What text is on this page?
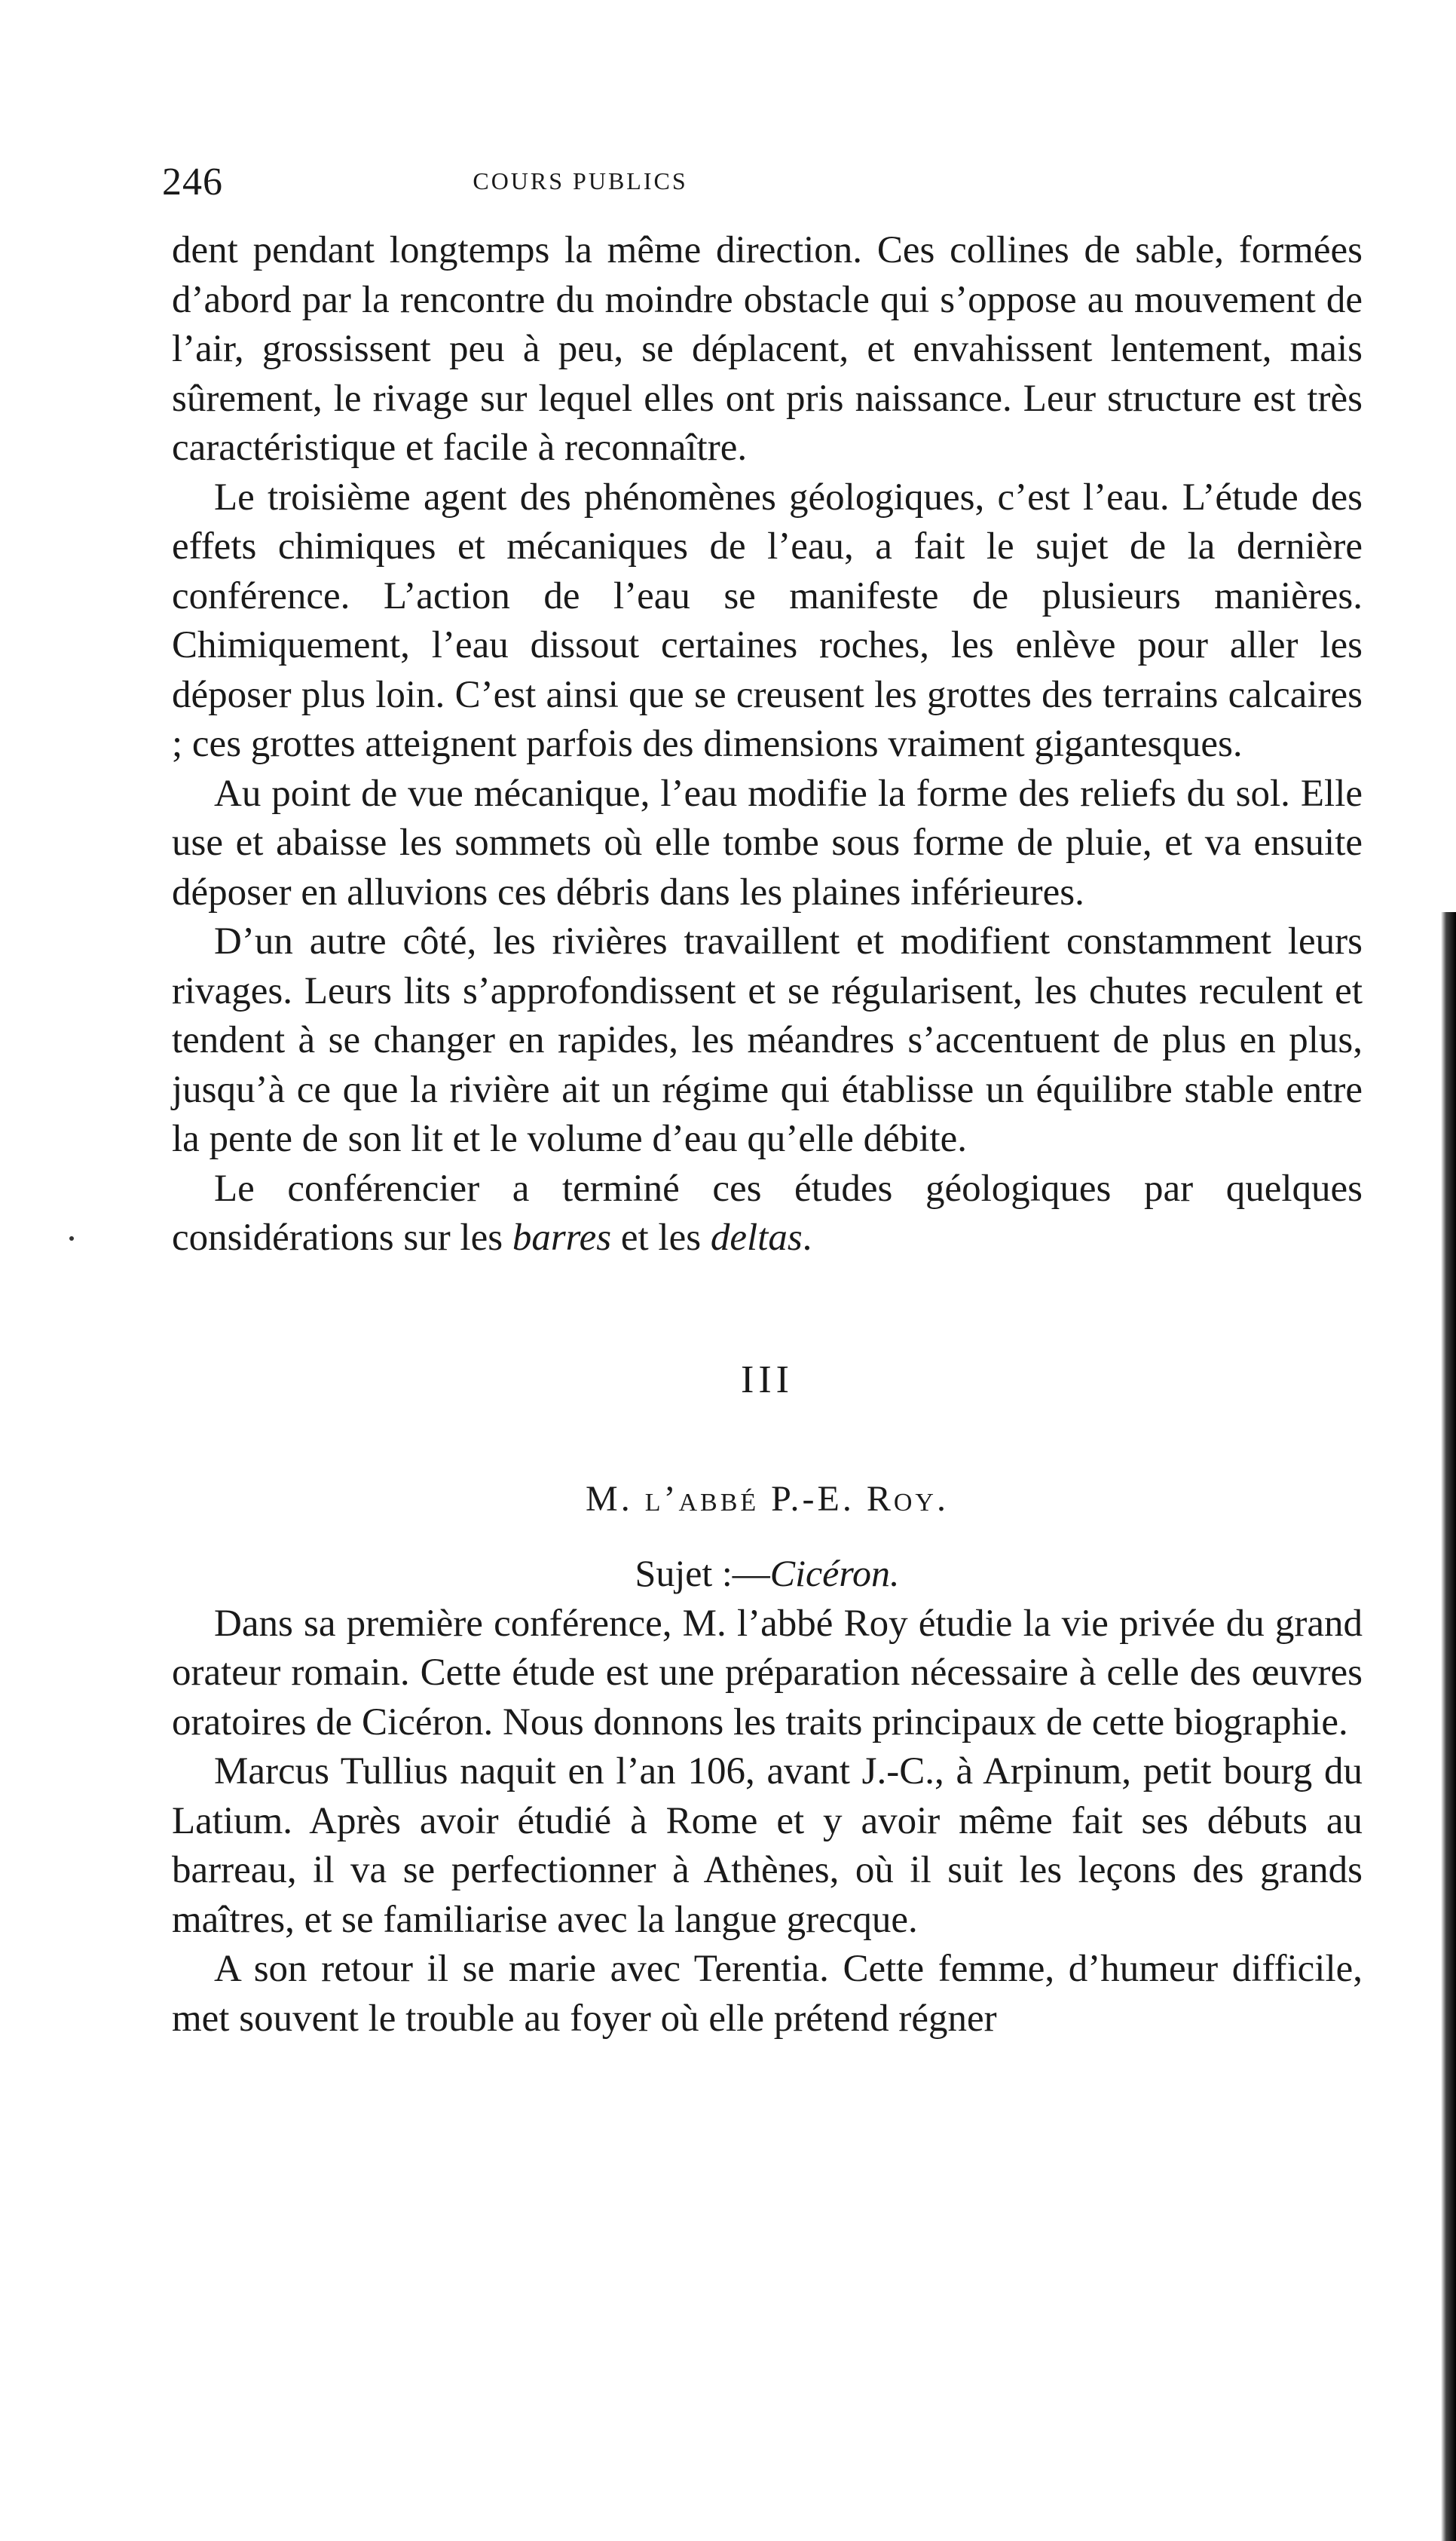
246	COURS PUBLICS

dent pendant longtemps la même direction. Ces collines de sable, formées d’abord par la rencontre du moindre obstacle qui s’oppose au mouvement de l’air, grossissent peu à peu, se déplacent, et envahissent lentement, mais sûrement, le rivage sur lequel elles ont pris naissance. Leur structure est très caractéristique et facile à reconnaître.

Le troisième agent des phénomènes géologiques, c’est l’eau. L’étude des effets chimiques et mécaniques de l’eau, a fait le sujet de la dernière conférence. L’action de l’eau se manifeste de plusieurs manières. Chimiquement, l’eau dissout certaines roches, les enlève pour aller les déposer plus loin. C’est ainsi que se creusent les grottes des terrains calcaires ; ces grottes atteignent parfois des dimensions vraiment gigantesques.

Au point de vue mécanique, l’eau modifie la forme des reliefs du sol. Elle use et abaisse les sommets où elle tombe sous forme de pluie, et va ensuite déposer en alluvions ces débris dans les plaines inférieures.

D’un autre côté, les rivières travaillent et modifient constamment leurs rivages. Leurs lits s’approfondissent et se régularisent, les chutes reculent et tendent à se changer en rapides, les méandres s’accentuent de plus en plus, jusqu’à ce que la rivière ait un régime qui établisse un équilibre stable entre la pente de son lit et le volume d’eau qu’elle débite.

Le conférencier a terminé ces études géologiques par quelques considérations sur les barres et les deltas.

III
M. l’abbé P.-E. Roy.
Sujet :—Cicéron.

Dans sa première conférence, M. l’abbé Roy étudie la vie privée du grand orateur romain. Cette étude est une préparation nécessaire à celle des œuvres oratoires de Cicéron. Nous donnons les traits principaux de cette biographie.

Marcus Tullius naquit en l’an 106, avant J.-C., à Arpinum, petit bourg du Latium. Après avoir étudié à Rome et y avoir même fait ses débuts au barreau, il va se perfectionner à Athènes, où il suit les leçons des grands maîtres, et se familiarise avec la langue grecque.

A son retour il se marie avec Terentia. Cette femme, d’humeur difficile, met souvent le trouble au foyer où elle prétend régner
